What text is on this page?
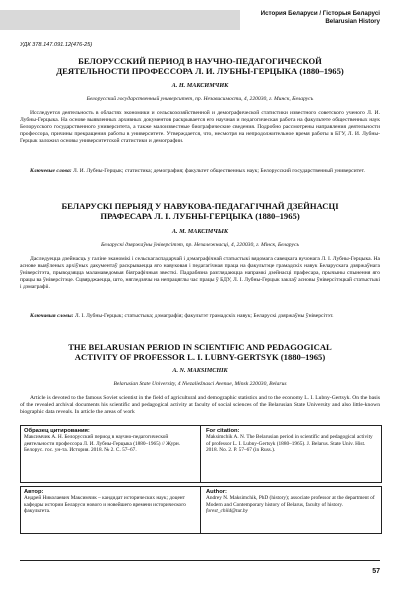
История Беларуси / Гісторыя Беларусі
Belarusian History
УДК 378.147.091.12(476-25)
БЕЛОРУССКИЙ ПЕРИОД В НАУЧНО-ПЕДАГОГИЧЕСКОЙ
ДЕЯТЕЛЬНОСТИ ПРОФЕССОРА Л. И. ЛУБНЫ-ГЕРЦЫКА (1880–1965)
А. Н. МАКСИМЧИК
Белорусский государственный университет, пр. Независимости, 4, 220030, г. Минск, Беларусь
Исследуется деятельность в областях экономики и сельскохозяйственной и демографической статистики известного советского ученого Л. И. Лубны-Герцыка. На основе выявленных архивных документов раскрывается его научная и педагогическая работа на факультете общественных наук Белорусского государственного университета, а также малоизвестные биографические сведения. Подробно рассмотрены направления деятельности профессора, причины прекращения работы в университете. Утверждается, что, несмотря на непродолжительное время работы в БГУ, Л. И. Лубны-Герцык заложил основы университетской статистики и демографии.
Ключевые слова: Л. И. Лубны-Герцык; статистика; демография; факультет общественных наук; Белорусский государственный университет.
БЕЛАРУСКІ ПЕРЫЯД У НАВУКОВА-ПЕДАГАГІЧНАЙ ДЗЕЙНАСЦІ
ПРАФЕСАРА Л. І. ЛУБНЫ-ГЕРЦЫКА (1880–1965)
А. М. МАКСІМЧЫК
Беларускі дзяржаўны ўніверсітэт, пр. Незалежнасці, 4, 220030, г. Мінск, Беларусь
Даследуецца дзейнасць у галіне эканомікі і сельскагаспадарчай і дэмаграфічнай статыстыкі вядомага савецкага вучонага Л. І. Лубны-Герцыка. На аснове выяўленых архіўных дакументаў раскрываецца яго навуковая і педагагічная праца на факультэце грамадскіх навук Беларускага дзяржаўнага ўніверсітэта, прыводзяцца маламаведомыя біяграфічныя звесткі. Падрабязна разглядаюцца напрамкі дзейнасці прафесара, прычыны спынення яго працы ва ўніверсітэце. Сцвярджаецца, што, нягледзячы на непрацяглы час працы ў БДУ, Л. І. Лубны-Герцык заклаў асновы ўніверсітэцкай статыстыкі і дэмаграфіі.
Ключавыя словы: Л. І. Лубны-Герцык; статыстыка; дэмаграфія; факультэт грамадскіх навук; Беларускі дзяржаўны ўніверсітэт.
THE BELARUSIAN PERIOD IN SCIENTIFIC AND PEDAGOGICAL
ACTIVITY OF PROFESSOR L. I. LUBNY-GERTSYK (1880–1965)
A. N. MAKSIMCHIK
Belarusian State University, 4 Niezaliežnasci Avenue, Minsk 220030, Belarus
Article is devoted to the famous Soviet scientist in the field of agricultural and demographic statistics and to the economy L. I. Lubny-Gertsyk. On the basis of the revealed archival documents his scientific and pedagogical activity at faculty of social sciences of the Belarusian State University and also little-known biographic data reveals. In article the areas of work
Образец цитирования:
Максимчик А. Н. Белорусский период в научно-педагогической деятельности профессора Л. И. Лубны-Герцыка (1880–1965) // Журн. Белорус. гос. ун-та. История. 2018. № 2. С. 57–67.
For citation:
Maksimchik A. N. The Belarusian period in scientific and pedagogical activity of professor L. I. Lubny-Gertsyk (1880–1965). J. Belarus. State Univ. Hist. 2018. No. 2. P. 57–67 (in Russ.).
Автор:
Андрей Николаевич Максимчик – кандидат исторических наук; доцент кафедры истории Беларуси нового и новейшего времени исторического факультета.
Author:
Andrey N. Maksimchik, PhD (history); associate professor at the department of Modern and Contemporary history of Belarus, faculty of history.
forest_child@tut.by
57
